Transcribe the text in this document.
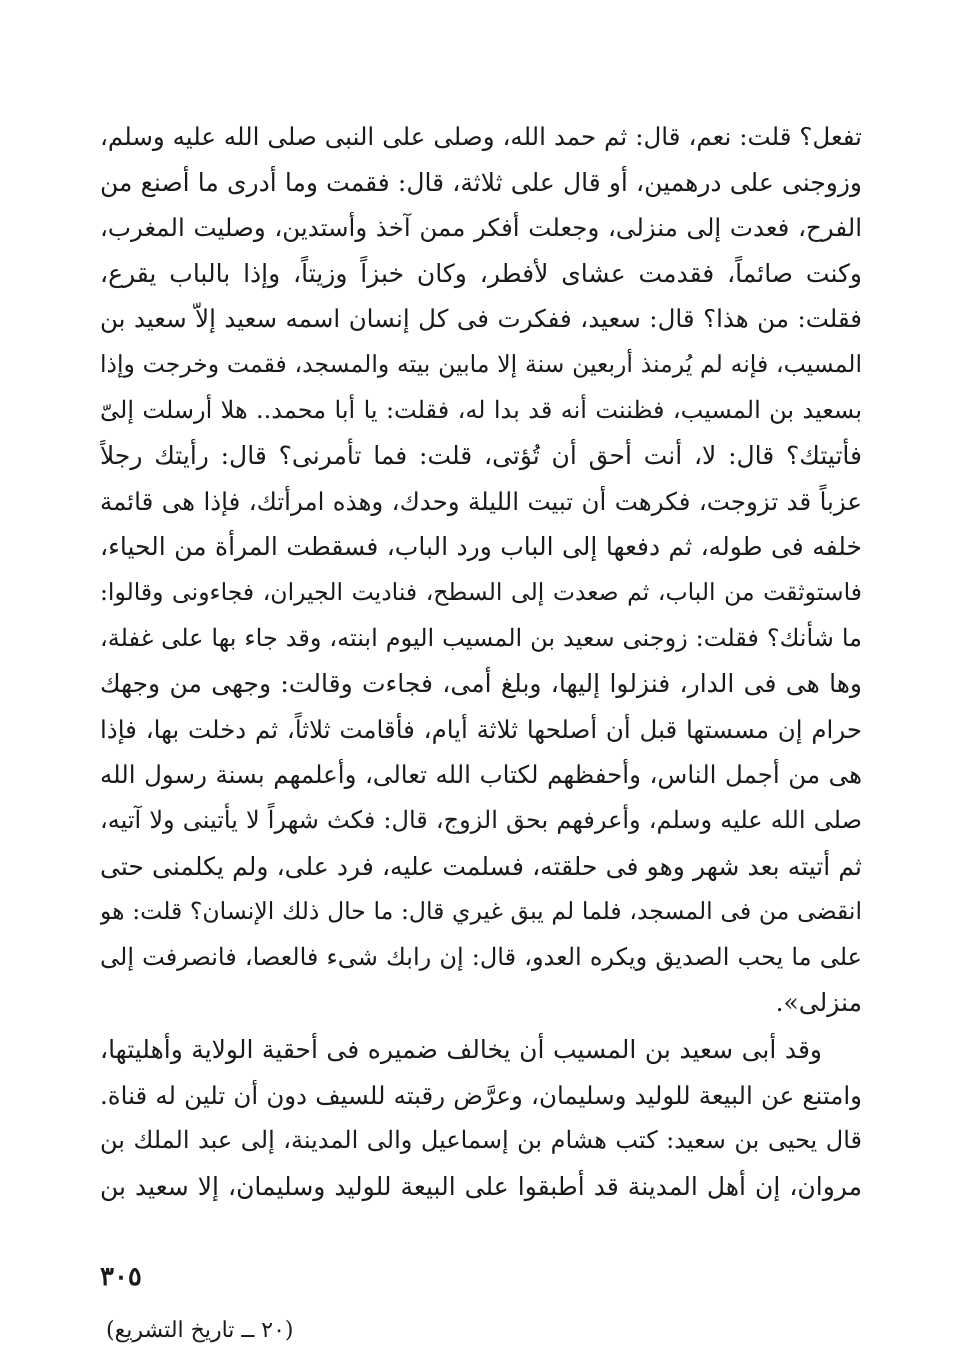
تفعل؟ قلت: نعم، قال: ثم حمد الله، وصلى على النبى صلى الله عليه وسلم،
وزوجنى على درهمين، أو قال على ثلاثة، قال: فقمت وما أدرى ما أصنع من
الفرح، فعدت إلى منزلى، وجعلت أفكر ممن آخذ وأستدين، وصليت المغرب،
وكنت صائماً، فقدمت عشاى لأفطر، وكان خبزاً وزيتاً، وإذا بالباب يقرع،
فقلت: من هذا؟ قال: سعيد، ففكرت فى كل إنسان اسمه سعيد إلاّ سعيد بن
المسيب، فإنه لم يُرمنذ أربعين سنة إلا مابين بيته والمسجد، فقمت وخرجت وإذا
بسعيد بن المسيب، فظننت أنه قد بدا له، فقلت: يا أبا محمد.. هلا أرسلت إلىّ
فأتيتك؟ قال: لا، أنت أحق أن تُؤتى، قلت: فما تأمرنى؟ قال: رأيتك رجلاً
عزباً قد تزوجت، فكرهت أن تبيت الليلة وحدك، وهذه امرأتك، فإذا هى قائمة
خلفه فى طوله، ثم دفعها إلى الباب ورد الباب، فسقطت المرأة من الحياء،
فاستوثقت من الباب، ثم صعدت إلى السطح، فناديت الجيران، فجاءونى وقالوا:
ما شأنك؟ فقلت: زوجنى سعيد بن المسيب اليوم ابنته، وقد جاء بها على غفلة،
وها هى فى الدار، فنزلوا إليها، وبلغ أمى، فجاءت وقالت: وجهى من وجهك
حرام إن مسستها قبل أن أصلحها ثلاثة أيام، فأقامت ثلاثاً، ثم دخلت بها، فإذا
هى من أجمل الناس، وأحفظهم لكتاب الله تعالى، وأعلمهم بسنة رسول الله
صلى الله عليه وسلم، وأعرفهم بحق الزوج، قال: فكث شهراً لا يأتينى ولا آتيه،
ثم أتيته بعد شهر وهو فى حلقته، فسلمت عليه، فرد على، ولم يكلمنى حتى
انقضى من فى المسجد، فلما لم يبق غيري قال: ما حال ذلك الإنسان؟ قلت: هو
على ما يحب الصديق ويكره العدو، قال: إن رابك شىء فالعصا، فانصرفت إلى
منزلى».
وقد أبى سعيد بن المسيب أن يخالف ضميره فى أحقية الولاية وأهليتها،
وامتنع عن البيعة للوليد وسليمان، وعرَّض رقبته للسيف دون أن تلين له قناة.
قال يحيى بن سعيد: كتب هشام بن إسماعيل والى المدينة، إلى عبد الملك بن
مروان، إن أهل المدينة قد أطبقوا على البيعة للوليد وسليمان، إلا سعيد بن
٣٠٥
(٢٠ ــ تاريخ التشريع)
